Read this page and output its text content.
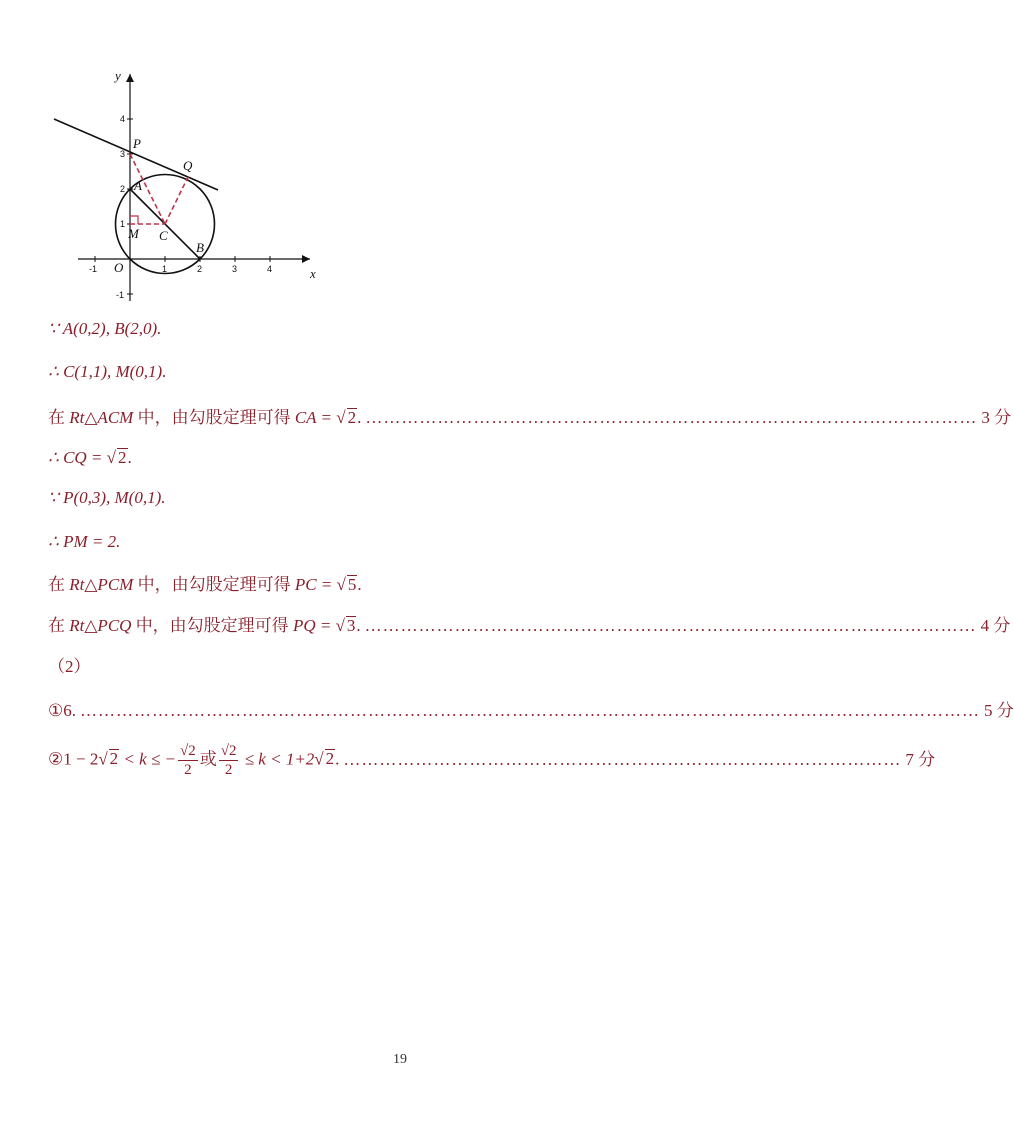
-1	1	2	3	4
-1
1
2
3
4
x
y
O
P
Q
A
M C
B
∵ A(0,2), B(2,0).
∴ C(1,1), M(0,1).
在 Rt△ACM 中，由勾股定理可得 CA = √ 2. ………………………………………………………………………………………… 3 分
∴ CQ = √ 2.
∵ P(0,3), M(0,1).
∴ PM = 2.
在 Rt△PCM 中，由勾股定理可得 PC = √ 5.
在 Rt△PCQ 中，由勾股定理可得 PQ = √ 3. ………………………………………………………………………………………… 4 分
（2）
①6. …………………………………………………………………………………………………………………………………… 5 分
②1 − 2√ 2 < k ≤ − $\frac{√2}{2}$ 或 $\frac{√2}{2} \le k < 1+2√$ 2. ………………………………………………………………………………… 7 分
19
